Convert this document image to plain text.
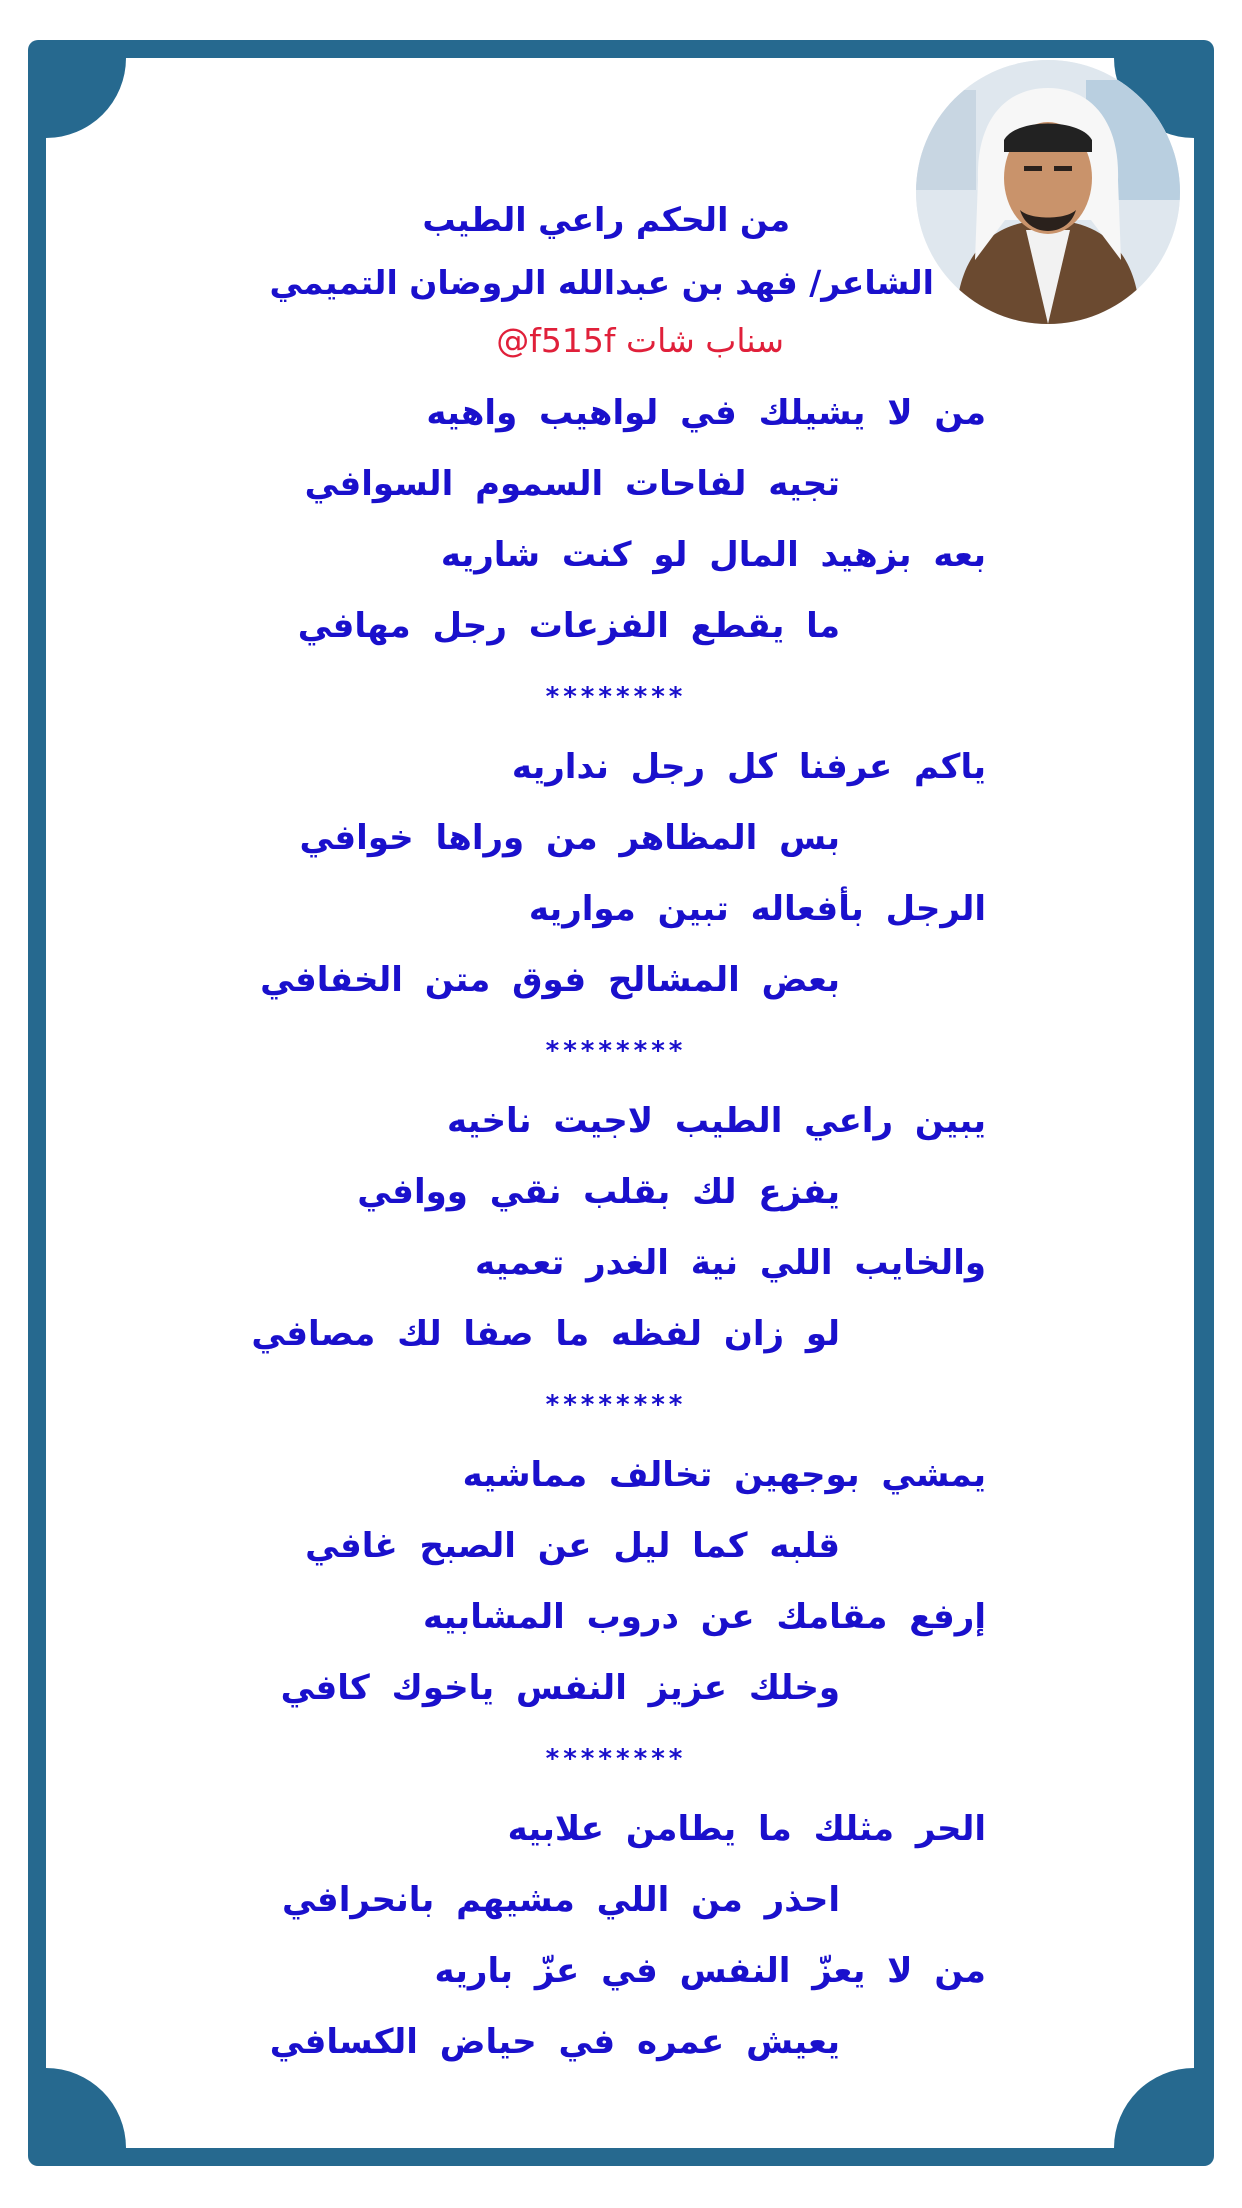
من الحكم راعي الطيب
الشاعر/ فهد بن عبدالله الروضان التميمي
سناب شات f515f@
من لا يشيلك في لواهيب واهيه
تجيه لفاحات السموم السوافي
بعه بزهيد المال لو كنت شاريه
ما يقطع الفزعات رجل مهافي
********
ياكم عرفنا كل رجل نداريه
بس المظاهر من وراها خوافي
الرجل بأفعاله تبين مواريه
بعض المشالح فوق متن الخفافي
********
يبين راعي الطيب لاجيت ناخيه
يفزع لك بقلب نقي ووافي
والخايب اللي نية الغدر تعميه
لو زان لفظه ما صفا لك مصافي
********
يمشي بوجهين تخالف مماشيه
قلبه كما ليل عن الصبح غافي
إرفع مقامك عن دروب المشابيه
وخلك عزيز النفس ياخوك كافي
********
الحر مثلك ما يطامن علابيه
احذر من اللي مشيهم بانحرافي
من لا يعزّ النفس في عزّ باريه
يعيش عمره في حياض الكسافي
